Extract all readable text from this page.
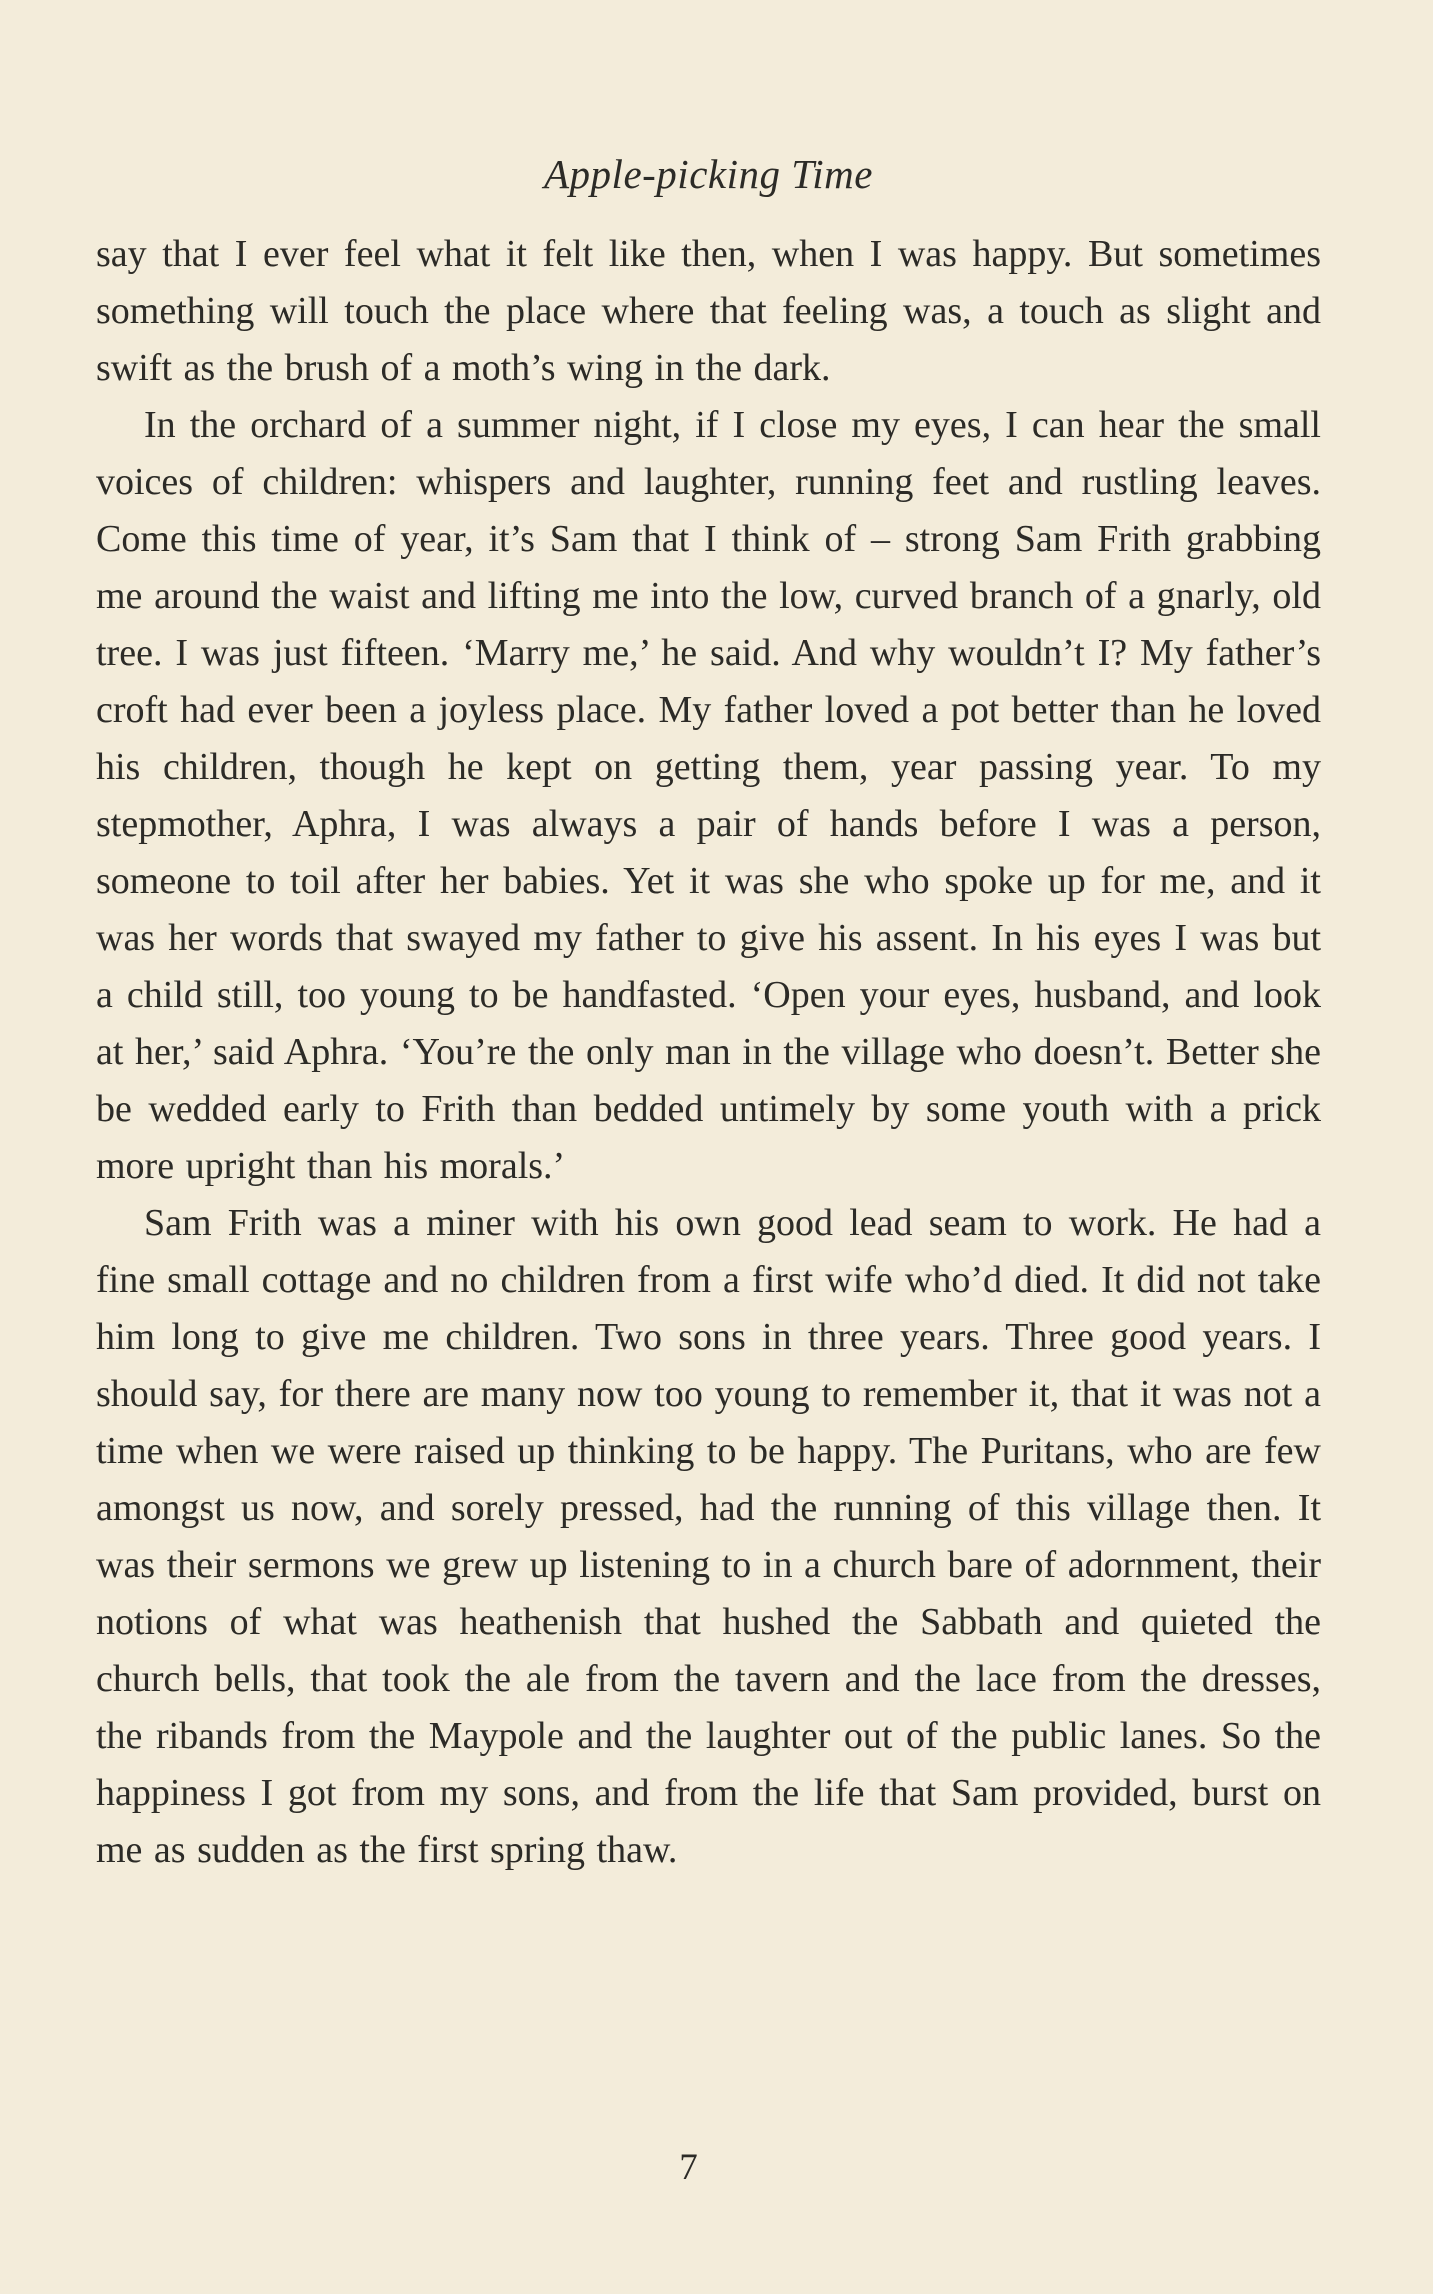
Apple-picking Time

say that I ever feel what it felt like then, when I was happy. But sometimes something will touch the place where that feeling was, a touch as slight and swift as the brush of a moth’s wing in the dark.

In the orchard of a summer night, if I close my eyes, I can hear the small voices of children: whispers and laughter, running feet and rustling leaves. Come this time of year, it’s Sam that I think of – strong Sam Frith grabbing me around the waist and lifting me into the low, curved branch of a gnarly, old tree. I was just fifteen. ‘Marry me,’ he said. And why wouldn’t I? My father’s croft had ever been a joyless place. My father loved a pot better than he loved his children, though he kept on getting them, year passing year. To my stepmother, Aphra, I was always a pair of hands before I was a person, someone to toil after her babies. Yet it was she who spoke up for me, and it was her words that swayed my father to give his assent. In his eyes I was but a child still, too young to be handfasted. ‘Open your eyes, husband, and look at her,’ said Aphra. ‘You’re the only man in the village who doesn’t. Better she be wedded early to Frith than bedded untimely by some youth with a prick more upright than his morals.’

Sam Frith was a miner with his own good lead seam to work. He had a fine small cottage and no children from a first wife who’d died. It did not take him long to give me children. Two sons in three years. Three good years. I should say, for there are many now too young to remember it, that it was not a time when we were raised up thinking to be happy. The Puritans, who are few amongst us now, and sorely pressed, had the running of this village then. It was their sermons we grew up listening to in a church bare of adornment, their notions of what was heathenish that hushed the Sabbath and quieted the church bells, that took the ale from the tavern and the lace from the dresses, the ribands from the Maypole and the laughter out of the public lanes. So the happiness I got from my sons, and from the life that Sam provided, burst on me as sudden as the first spring thaw.

7
